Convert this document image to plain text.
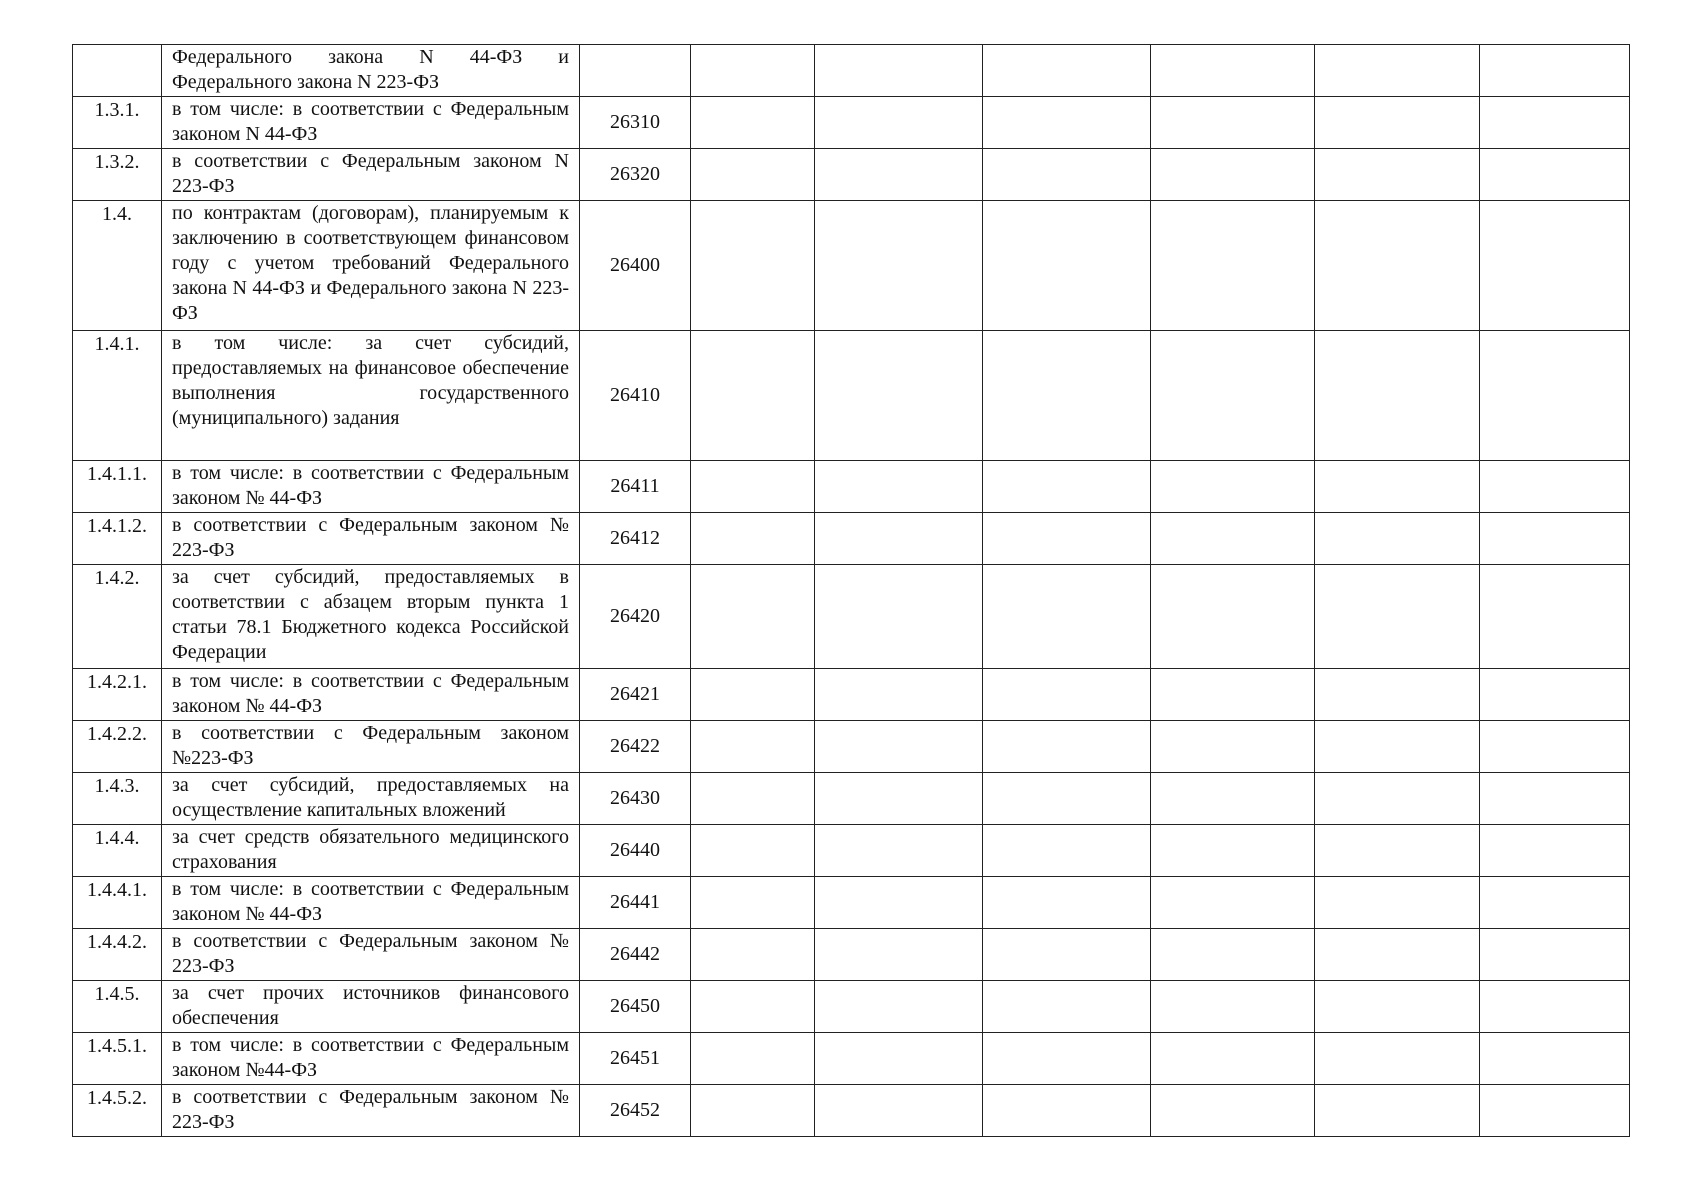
	Федерального закона N 44-ФЗ и Федерального закона N 223-ФЗ							
1.3.1.	в том числе: в соответствии с Федеральным законом N 44-ФЗ	26310						
1.3.2.	в соответствии с Федеральным законом N 223-ФЗ	26320						
1.4.	по контрактам (договорам), планируемым к заключению в соответствующем финансовом году с учетом требований Федерального закона N 44-ФЗ и Федерального закона N 223-ФЗ	26400						
1.4.1.	в том числе: за счет субсидий, предоставляемых на финансовое обеспечение выполнения государственного (муниципального) задания	26410						
1.4.1.1.	в том числе: в соответствии с Федеральным законом № 44-ФЗ	26411						
1.4.1.2.	в соответствии с Федеральным законом № 223-ФЗ	26412						
1.4.2.	за счет субсидий, предоставляемых в соответствии с абзацем вторым пункта 1 статьи 78.1 Бюджетного кодекса Российской Федерации	26420						
1.4.2.1.	в том числе: в соответствии с Федеральным законом № 44-ФЗ	26421						
1.4.2.2.	в соответствии с Федеральным законом №223-ФЗ	26422						
1.4.3.	за счет субсидий, предоставляемых на осуществление капитальных вложений	26430						
1.4.4.	за счет средств обязательного медицинского страхования	26440						
1.4.4.1.	в том числе: в соответствии с Федеральным законом № 44-ФЗ	26441						
1.4.4.2.	в соответствии с Федеральным законом № 223-ФЗ	26442						
1.4.5.	за счет прочих источников финансового обеспечения	26450						
1.4.5.1.	в том числе: в соответствии с Федеральным законом №44-ФЗ	26451						
1.4.5.2.	в соответствии с Федеральным законом № 223-ФЗ	26452						
